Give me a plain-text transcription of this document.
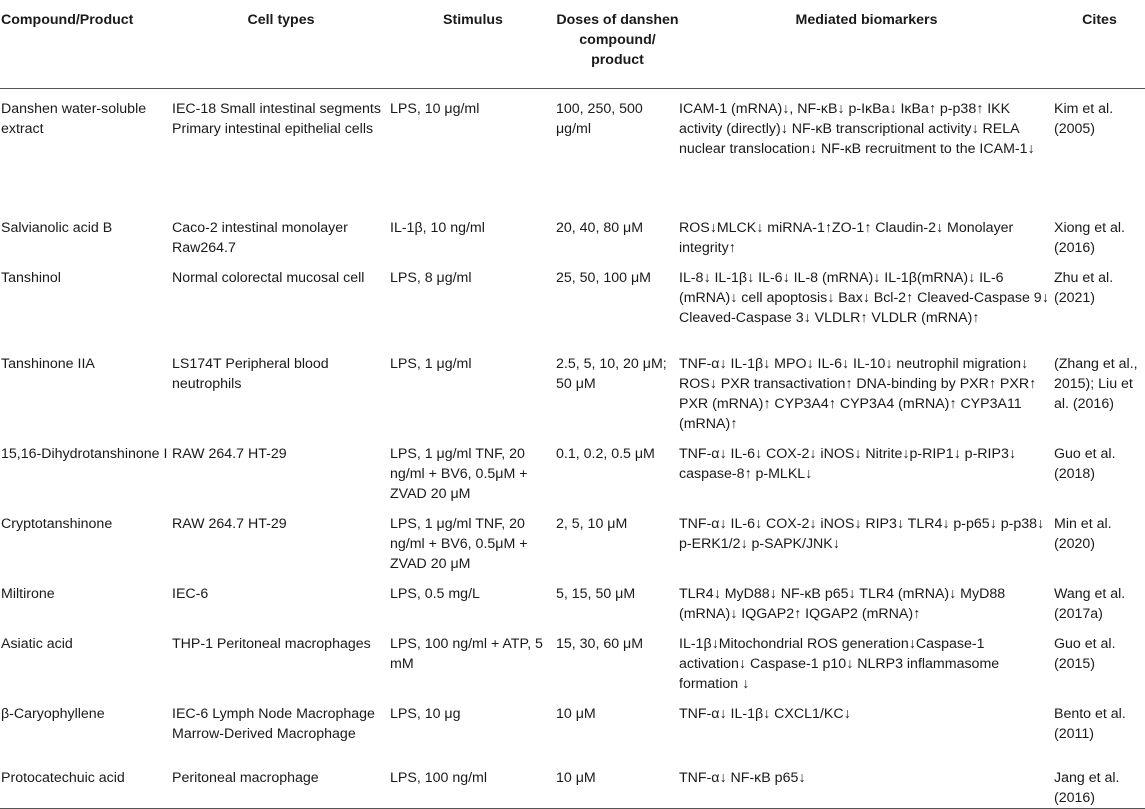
Compound/Product	Cell types	Stimulus	Doses of danshen compound/ product	Mediated biomarkers	Cites
Danshen water-soluble extract	IEC-18 Small intestinal segments Primary intestinal epithelial cells	LPS, 10 μg/ml	100, 250, 500 μg/ml	ICAM-1 (mRNA)↓, NF-κB↓ p-IκBa↓ IκBa↑ p-p38↑ IKK activity (directly)↓ NF-κB transcriptional activity↓ RELA nuclear translocation↓ NF-κB recruitment to the ICAM-1↓	Kim et al. (2005)
Salvianolic acid B	Caco-2 intestinal monolayer Raw264.7	IL-1β, 10 ng/ml	20, 40, 80 μM	ROS↓MLCK↓ miRNA-1↑ZO-1↑ Claudin-2↓ Monolayer integrity↑	Xiong et al. (2016)
Tanshinol	Normal colorectal mucosal cell	LPS, 8 μg/ml	25, 50, 100 μM	IL-8↓ IL-1β↓ IL-6↓ IL-8 (mRNA)↓ IL-1β(mRNA)↓ IL-6 (mRNA)↓ cell apoptosis↓ Bax↓ Bcl-2↑ Cleaved-Caspase 9↓ Cleaved-Caspase 3↓ VLDLR↑ VLDLR (mRNA)↑	Zhu et al. (2021)
Tanshinone IIA	LS174T Peripheral blood neutrophils	LPS, 1 μg/ml	2.5, 5, 10, 20 μM; 50 μM	TNF-α↓ IL-1β↓ MPO↓ IL-6↓ IL-10↓ neutrophil migration↓ ROS↓ PXR transactivation↑ DNA-binding by PXR↑ PXR↑ PXR (mRNA)↑ CYP3A4↑ CYP3A4 (mRNA)↑ CYP3A11 (mRNA)↑	(Zhang et al., 2015); Liu et al. (2016)
15,16-Dihydrotanshinone I	RAW 264.7 HT-29	LPS, 1 μg/ml TNF, 20 ng/ml + BV6, 0.5μM + ZVAD 20 μM	0.1, 0.2, 0.5 μM	TNF-α↓ IL-6↓ COX-2↓ iNOS↓ Nitrite↓p-RIP1↓ p-RIP3↓ caspase-8↑ p-MLKL↓	Guo et al. (2018)
Cryptotanshinone	RAW 264.7 HT-29	LPS, 1 μg/ml TNF, 20 ng/ml + BV6, 0.5μM + ZVAD 20 μM	2, 5, 10 μM	TNF-α↓ IL-6↓ COX-2↓ iNOS↓ RIP3↓ TLR4↓ p-p65↓ p-p38↓ p-ERK1/2↓ p-SAPK/JNK↓	Min et al. (2020)
Miltirone	IEC-6	LPS, 0.5 mg/L	5, 15, 50 μM	TLR4↓ MyD88↓ NF-κB p65↓ TLR4 (mRNA)↓ MyD88 (mRNA)↓ IQGAP2↑ IQGAP2 (mRNA)↑	Wang et al. (2017a)
Asiatic acid	THP-1 Peritoneal macrophages	LPS, 100 ng/ml + ATP, 5 mM	15, 30, 60 μM	IL-1β↓Mitochondrial ROS generation↓Caspase-1 activation↓ Caspase-1 p10↓ NLRP3 inflammasome formation ↓	Guo et al. (2015)
β-Caryophyllene	IEC-6 Lymph Node Macrophage Marrow-Derived Macrophage	LPS, 10 μg	10 μM	TNF-α↓ IL-1β↓ CXCL1/KC↓	Bento et al. (2011)
Protocatechuic acid	Peritoneal macrophage	LPS, 100 ng/ml	10 μM	TNF-α↓ NF-κB p65↓	Jang et al. (2016)
